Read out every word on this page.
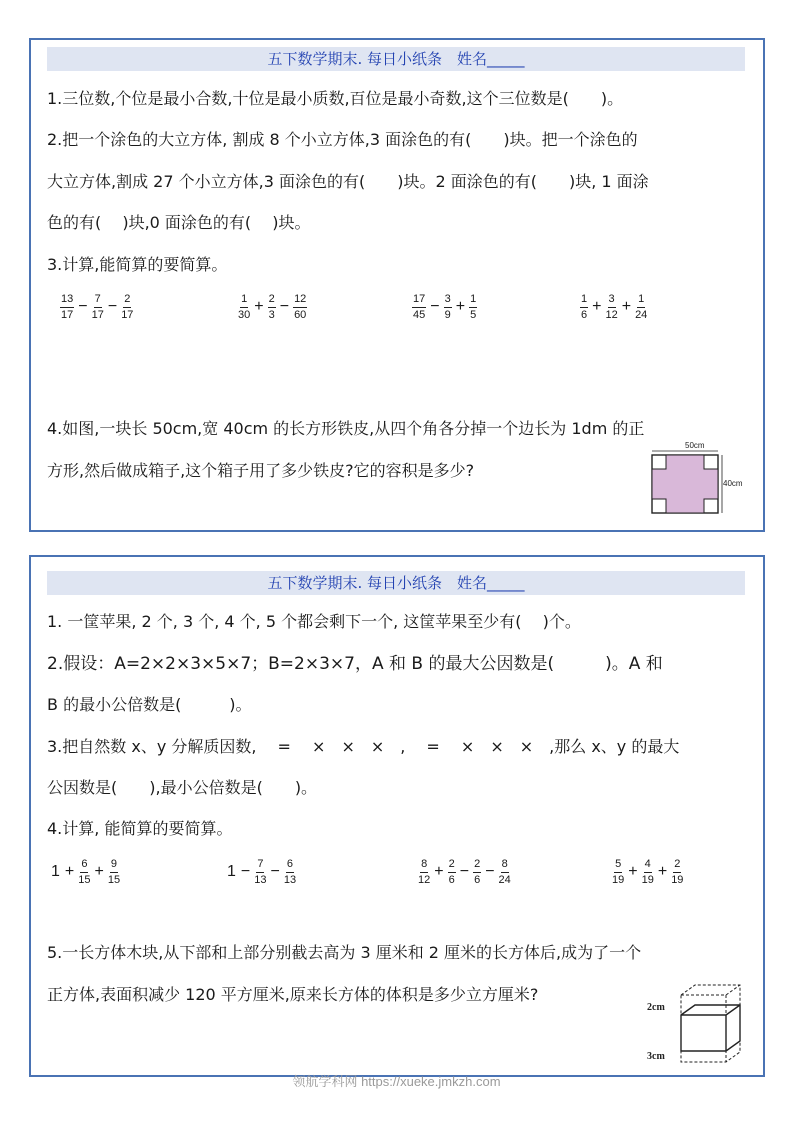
五下数学期末. 每日小纸条　姓名_____
1.三位数,个位是最小合数,十位是最小质数,百位是最小奇数,这个三位数是(　　)。
2.把一个涂色的大立方体, 割成 8 个小立方体,3 面涂色的有(　　)块。把一个涂色的
大立方体,割成 27 个小立方体,3 面涂色的有(　　)块。2 面涂色的有(　　)块, 1 面涂
色的有(　 )块,0 面涂色的有(　 )块。
3.计算,能简算的要简算。
$\frac{13}{17} - \frac{7}{17} - \frac{2}{17}$	$\frac{1}{30} + \frac{2}{3} - \frac{12}{60}$	$\frac{17}{45} - \frac{3}{9} + \frac{1}{5}$	$\frac{1}{6} + \frac{3}{12} + \frac{1}{24}$
4.如图,一块长 50cm,宽 40cm 的长方形铁皮,从四个角各分掉一个边长为 1dm 的正
方形,然后做成箱子,这个箱子用了多少铁皮?它的容积是多少?
50cm
40cm
五下数学期末. 每日小纸条　姓名_____
1. 一筐苹果, 2 个, 3 个, 4 个, 5 个都会剩下一个, 这筐苹果至少有(　 )个。
2.假设：A=2×2×3×5×7；B=2×3×7，A 和 B 的最大公因数是(　　　)。A 和
B 的最小公倍数是(　　　)。
3.把自然数 x、y 分解质因数, 　= 　×　×　×　, 　= 　×　×　×　,那么 x、y 的最大
公因数是(　　),最小公倍数是(　　)。
4.计算, 能简算的要简算。
$1 + \frac{6}{15} + \frac{9}{15}$	$1 - \frac{7}{13} - \frac{6}{13}$	$\frac{8}{12} + \frac{2}{6} - \frac{2}{6} - \frac{8}{24}$	$\frac{5}{19} + \frac{4}{19} + \frac{2}{19}$
5.一长方体木块,从下部和上部分别截去高为 3 厘米和 2 厘米的长方体后,成为了一个
正方体,表面积减少 120 平方厘米,原来长方体的体积是多少立方厘米?
2cm
3cm
领航学科网 https://xueke.jmkzh.com
